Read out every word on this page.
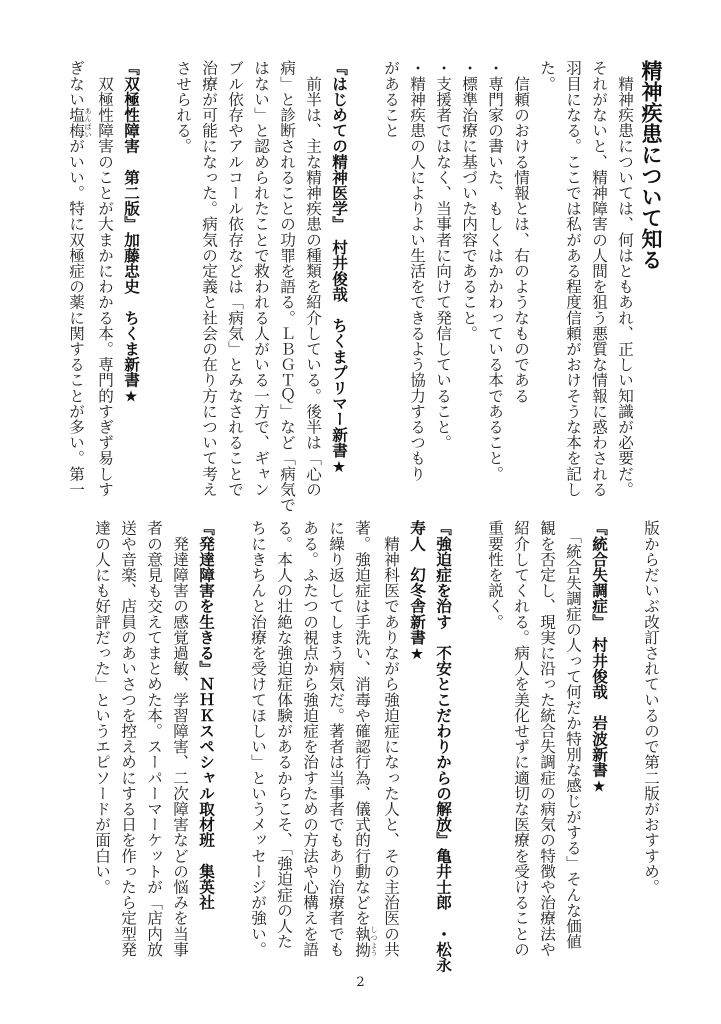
精神疾患について知る
　精神疾患については、何はともあれ、正しい知識が必要だ。
それがないと、精神障害の人間を狙う悪質な情報に惑わされる
羽目になる。ここでは私がある程度信頼がおけそうな本を記し
た。
　信頼のおける情報とは、右のようなものである
・専門家の書いた、もしくはかかわっている本であること。
・標準治療に基づいた内容であること。
・支援者ではなく、当事者に向けて発信していること。
・精神疾患の人によりよい生活をできるよう協力するつもり
があること
『はじめての精神医学』　村井俊哉　ちくまプリマー新書★
　前半は、主な精神疾患の種類を紹介している。後半は「心の
病」と診断されることの功罪を語る。ＬＢＧＴＱ」など「病気で
はない」と認められたことで救われる人がいる一方で、ギャン
ブル依存やアルコール依存などは「病気」とみなされることで
治療が可能になった。病気の定義と社会の在り方について考え
させられる。
『双極性障害　第二版』加藤忠史　ちくま新書★
　双極性障害のことが大まかにわかる本。専門的すぎず易しす
ぎない塩梅 あんばいがいい。特に双極症の薬に関することが多い。第一
版からだいぶ改訂されているので第二版がおすすめ。
『統合失調症』　村井俊哉　岩波新書★
　「統合失調症の人って何だか特別な感じがする」そんな価値
観を否定し、現実に沿った統合失調症の病気の特徴や治療法や
紹介してくれる。病人を美化せずに適切な医療を受けることの
重要性を説く。
『強迫症を治す　不安とこだわりからの解放』亀井士郎　・松永
寿人　幻冬舎新書★
　精神科医でありながら強迫症になった人と、その主治医の共
著。強迫症は手洗い、消毒や確認行為、儀式的行動などを執拗 しつよう
に繰り返してしまう病気だ。著者は当事者でもあり治療者でも
ある。ふたつの視点から強迫症を治すための方法や心構えを語
る。本人の壮絶な強迫症体験があるからこそ、「強迫症の人た
ちにきちんと治療を受けてほしい」というメッセージが強い。
『発達障害を生きる』ＮＨＫスペシャル取材班　集英社
　発達障害の感覚過敏、学習障害、二次障害などの悩みを当事
者の意見も交えてまとめた本。スーパーマーケットが「店内放
送や音楽、店員のあいさつを控えめにする日を作ったら定型発
達の人にも好評だった」というエピソードが面白い。
2
